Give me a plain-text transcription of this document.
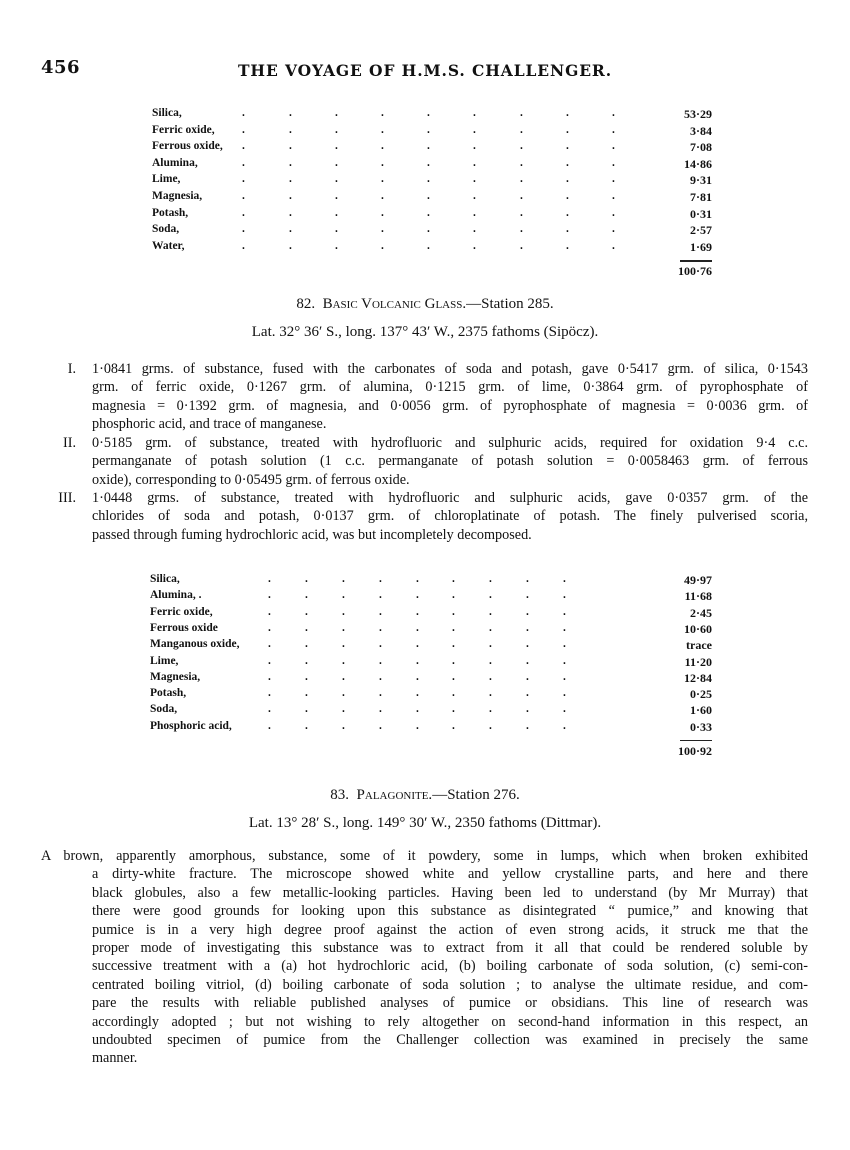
456	THE VOYAGE OF H.M.S. CHALLENGER.
Silica,	.	.	.	.	.	.	.	.	.	53·29
Ferric oxide, .	.	.	.	.	.	.	.	.	3·84
Ferrous oxide, .	.	.	.	.	.	.	.	.	7·08
Alumina,	.	.	.	.	.	.	.	.	.	14·86
Lime,	.	.	.	.	.	.	.	.	.	9·31
Magnesia,	.	.	.	.	.	.	.	.	.	7·81
Potash,	.	.	.	.	.	.	.	.	.	0·31
Soda,	.	.	.	.	.	.	.	.	.	2·57
Water,	.	.	.	.	.	.	.	.	.	1·69
100·76
82. Basic Volcanic Glass.—Station 285.
Lat. 32° 36′ S., long. 137° 43′ W., 2375 fathoms (Sipöcz).
I. 1·0841 grms. of substance, fused with the carbonates of soda and potash, gave 0·5417 grm. of silica, 0·1543
grm. of ferric oxide, 0·1267 grm. of alumina, 0·1215 grm. of lime, 0·3864 grm. of pyrophosphate of
magnesia = 0·1392 grm. of magnesia, and 0·0056 grm. of pyrophosphate of magnesia = 0·0036 grm. of
phosphoric acid, and trace of manganese.
II. 0·5185 grm. of substance, treated with hydrofluoric and sulphuric acids, required for oxidation 9·4 c.c.
permanganate of potash solution (1 c.c. permanganate of potash solution = 0·0058463 grm. of ferrous
oxide), corresponding to 0·05495 grm. of ferrous oxide.
III. 1·0448 grms. of substance, treated with hydrofluoric and sulphuric acids, gave 0·0357 grm. of the
chlorides of soda and potash, 0·0137 grm. of chloroplatinate of potash. The finely pulverised scoria,
passed through fuming hydrochloric acid, was but incompletely decomposed.
Silica,	.	.	.	.	.	.	.	.	.	49·97
Alumina, .	.	.	.	.	.	.	.	.	.	11·68
Ferric oxide,	.	.	.	.	.	.	.	.	.	2·45
Ferrous oxide	.	.	.	.	.	.	.	.	.	10·60
Manganous oxide, .	.	.	.	.	.	.	.	.	trace
Lime,	.	.	.	.	.	.	.	.	.	11·20
Magnesia,	.	.	.	.	.	.	.	.	.	12·84
Potash,	.	.	.	.	.	.	.	.	.	0·25
Soda,	.	.	.	.	.	.	.	.	.	1·60
Phosphoric acid,	.	.	.	.	.	.	.	.	.	0·33
100·92
83. Palagonite.—Station 276.
Lat. 13° 28′ S., long. 149° 30′ W., 2350 fathoms (Dittmar).
A brown, apparently amorphous, substance, some of it powdery, some in lumps, which when broken exhibited
a dirty-white fracture. The microscope showed white and yellow crystalline parts, and here and there
black globules, also a few metallic-looking particles. Having been led to understand (by Mr Murray) that
there were good grounds for looking upon this substance as disintegrated “ pumice,” and knowing that
pumice is in a very high degree proof against the action of even strong acids, it struck me that the
proper mode of investigating this substance was to extract from it all that could be rendered soluble by
successive treatment with a (a) hot hydrochloric acid, (b) boiling carbonate of soda solution, (c) semi-con-
centrated boiling vitriol, (d) boiling carbonate of soda solution ; to analyse the ultimate residue, and com-
pare the results with reliable published analyses of pumice or obsidians. This line of research was
accordingly adopted ; but not wishing to rely altogether on second-hand information in this respect, an
undoubted specimen of pumice from the Challenger collection was examined in precisely the same
manner.
